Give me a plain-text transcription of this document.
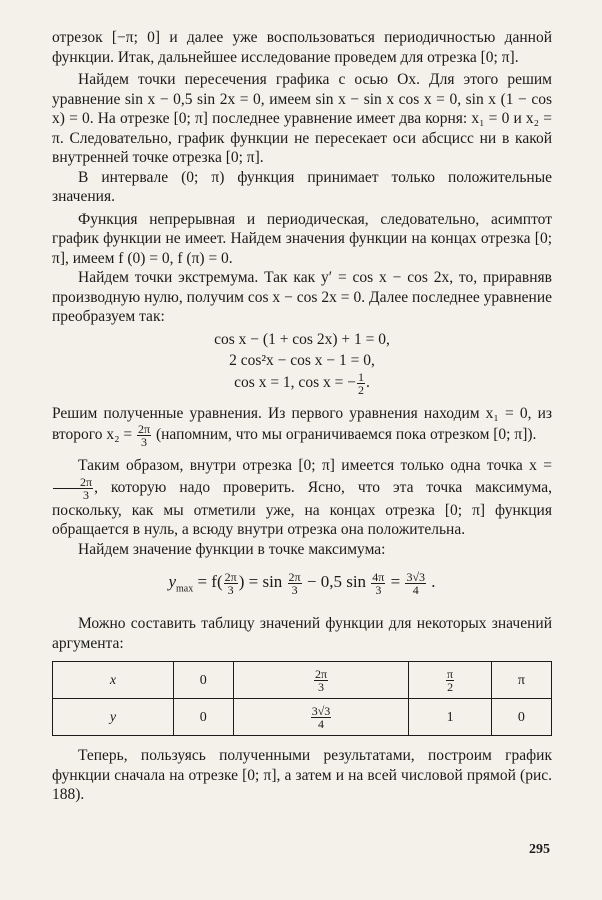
отрезок [−π; 0] и далее уже воспользоваться периодичностью данной функции. Итак, дальнейшее исследование проведем для отрезка [0; π].

Найдем точки пересечения графика с осью Ox. Для этого решим уравнение sin x − 0,5 sin 2x = 0, имеем sin x − sin x cos x = 0, sin x (1 − cos x) = 0. На отрезке [0; π] последнее уравнение имеет два корня: x₁ = 0 и x₂ = π. Следовательно, график функции не пересекает оси абсцисс ни в какой внутренней точке отрезка [0; π].

В интервале (0; π) функция принимает только положительные значения.

Функция непрерывная и периодическая, следовательно, асимптот график функции не имеет. Найдем значения функции на концах отрезка [0; π], имеем f (0) = 0, f (π) = 0.

Найдем точки экстремума. Так как y′ = cos x − cos 2x, то, приравняв производную нулю, получим cos x − cos 2x = 0. Далее последнее уравнение преобразуем так:

cos x − (1 + cos 2x) + 1 = 0,
2 cos²x − cos x − 1 = 0,
cos x = 1, cos x = − $\frac{1}{2}$ .

Решим полученные уравнения. Из первого уравнения находим x₁ = 0, из второго $x_2 = \frac{2\pi}{3}$ (напомним, что мы ограничиваемся пока отрезком [0; π]).

Таким образом, внутри отрезка [0; π] имеется только одна точка x =
$\frac{2\pi}{3}$ , которую надо проверить. Ясно, что эта точка максимума, поскольку, как мы отметили уже, на концах отрезка [0; π] функция обращается в нуль, а всюду внутри отрезка она положительна.

Найдем значение функции в точке максимума:

$y_{max} = f( \frac{2\pi}{3}$ ) = $\sin \frac{2\pi}{3} - 0,5$ $\sin \frac{4\pi}{3} = \frac{3√3}{4}$ .

Можно составить таблицу значений функции для некоторых значений аргумента:

x	0	$\frac{2\pi}{3}$	$\frac{\pi}{2}$	π
y	0	$\frac{3√3}{4}$	1	0

Теперь, пользуясь полученными результатами, построим график функции сначала на отрезке [0; π], а затем и на всей числовой прямой (рис. 188).

295
